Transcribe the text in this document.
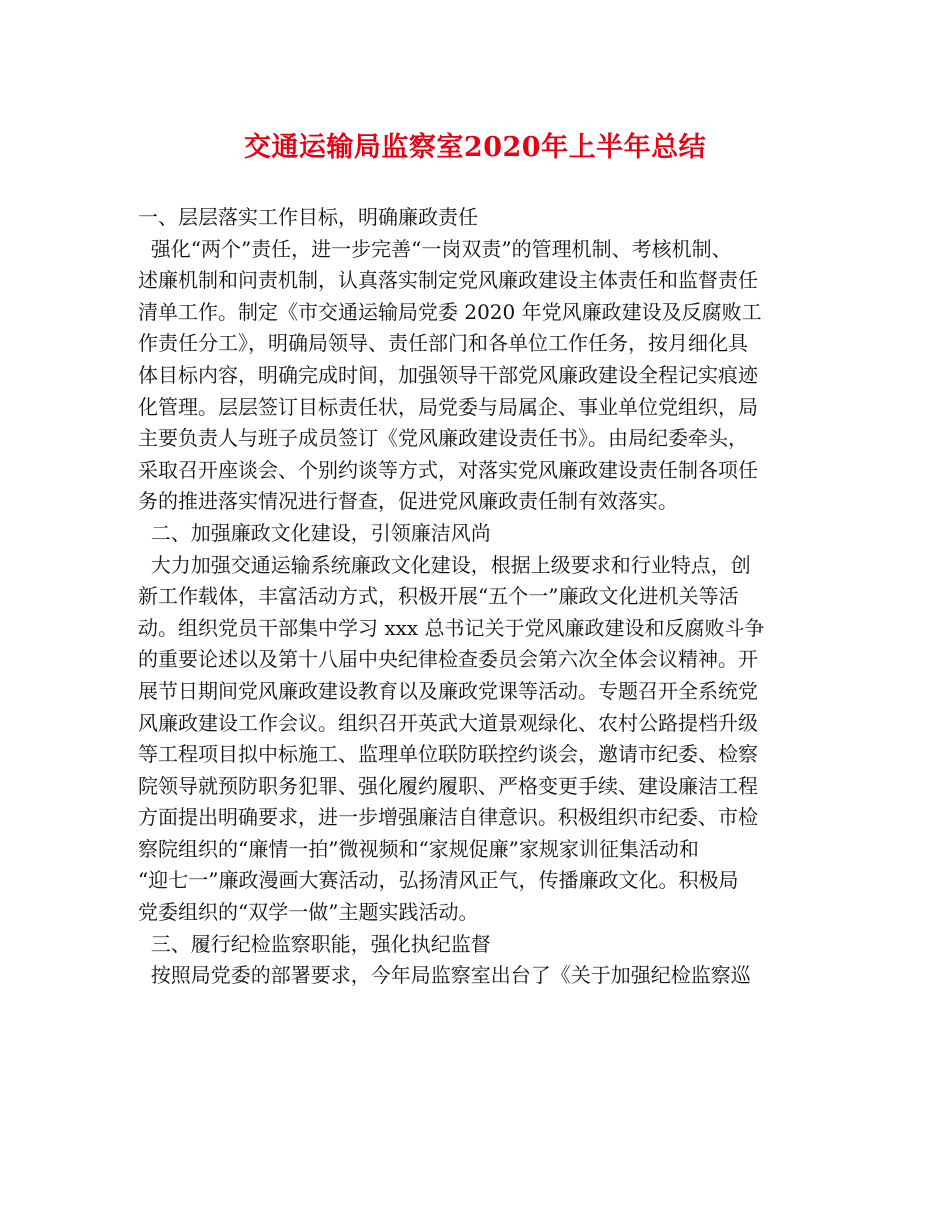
交通运输局监察室2020年上半年总结
一、层层落实工作目标，明确廉政责任
强化“两个”责任，进一步完善“一岗双责”的管理机制、考核机制、
述廉机制和问责机制，认真落实制定党风廉政建设主体责任和监督责任
清单工作。制定《市交通运输局党委 2020 年党风廉政建设及反腐败工
作责任分工》，明确局领导、责任部门和各单位工作任务，按月细化具
体目标内容，明确完成时间，加强领导干部党风廉政建设全程记实痕迹
化管理。层层签订目标责任状，局党委与局属企、事业单位党组织，局
主要负责人与班子成员签订《党风廉政建设责任书》。由局纪委牵头，
采取召开座谈会、个别约谈等方式，对落实党风廉政建设责任制各项任
务的推进落实情况进行督查，促进党风廉政责任制有效落实。
二、加强廉政文化建设，引领廉洁风尚
大力加强交通运输系统廉政文化建设，根据上级要求和行业特点，创
新工作载体，丰富活动方式，积极开展“五个一”廉政文化进机关等活
动。组织党员干部集中学习 xxx 总书记关于党风廉政建设和反腐败斗争
的重要论述以及第十八届中央纪律检查委员会第六次全体会议精神。开
展节日期间党风廉政建设教育以及廉政党课等活动。专题召开全系统党
风廉政建设工作会议。组织召开英武大道景观绿化、农村公路提档升级
等工程项目拟中标施工、监理单位联防联控约谈会，邀请市纪委、检察
院领导就预防职务犯罪、强化履约履职、严格变更手续、建设廉洁工程
方面提出明确要求，进一步增强廉洁自律意识。积极组织市纪委、市检
察院组织的“廉情一拍”微视频和“家规促廉”家规家训征集活动和
“迎七一”廉政漫画大赛活动，弘扬清风正气，传播廉政文化。积极局
党委组织的“双学一做”主题实践活动。
三、履行纪检监察职能，强化执纪监督
按照局党委的部署要求，今年局监察室出台了《关于加强纪检监察巡
